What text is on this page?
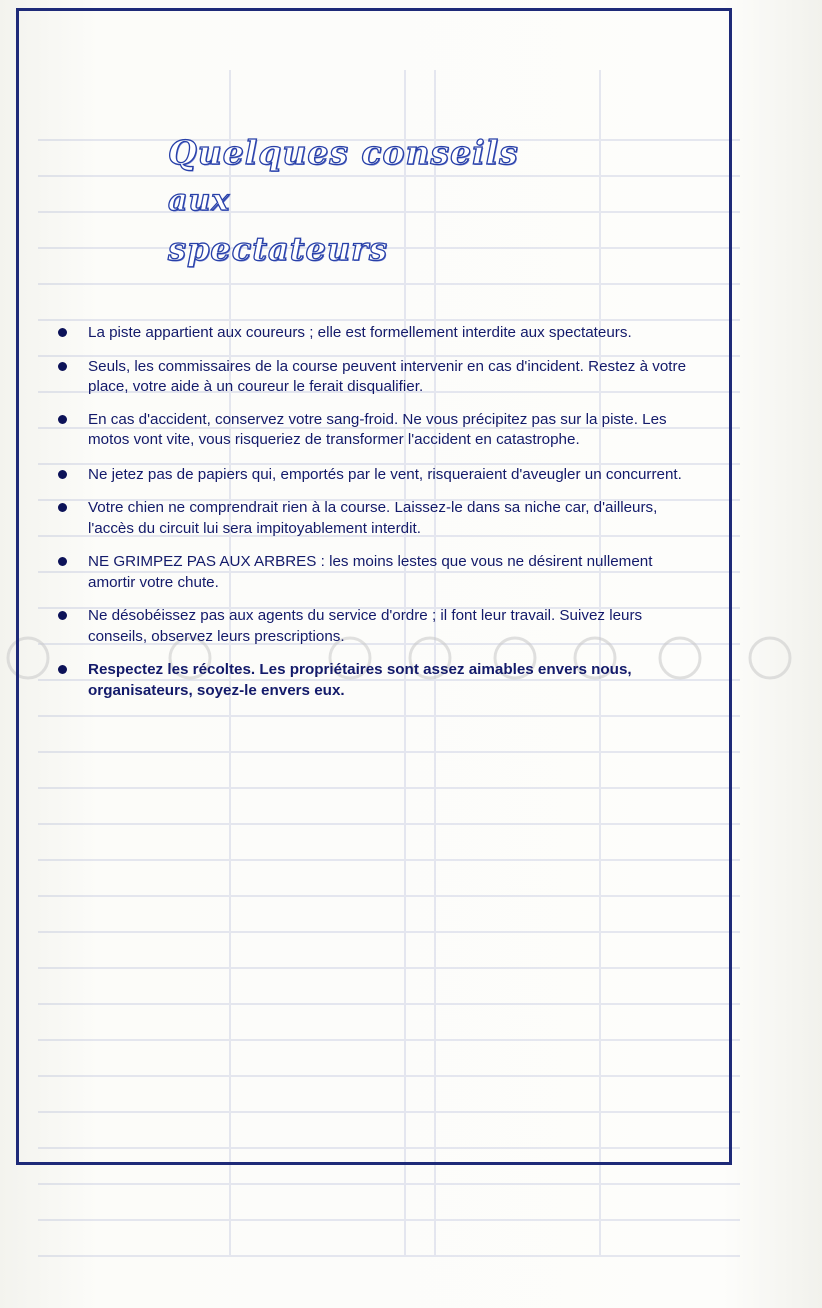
Quelques conseils
aux
spectateurs
La piste appartient aux coureurs ; elle est formellement interdite aux spectateurs.
Seuls, les commissaires de la course peuvent intervenir en cas d'incident. Restez à votre place, votre aide à un coureur le ferait disqualifier.
En cas d'accident, conservez votre sang-froid. Ne vous précipitez pas sur la piste. Les motos vont vite, vous risqueriez de transformer l'accident en catastrophe.
Ne jetez pas de papiers qui, emportés par le vent, risqueraient d'aveugler un concurrent.
Votre chien ne comprendrait rien à la course. Laissez-le dans sa niche car, d'ailleurs, l'accès du circuit lui sera impitoyablement interdit.
NE GRIMPEZ PAS AUX ARBRES : les moins lestes que vous ne désirent nullement amortir votre chute.
Ne désobéissez pas aux agents du service d'ordre ; il font leur travail. Suivez leurs conseils, observez leurs prescriptions.
Respectez les récoltes. Les propriétaires sont assez aimables envers nous, organisateurs, soyez-le envers eux.
